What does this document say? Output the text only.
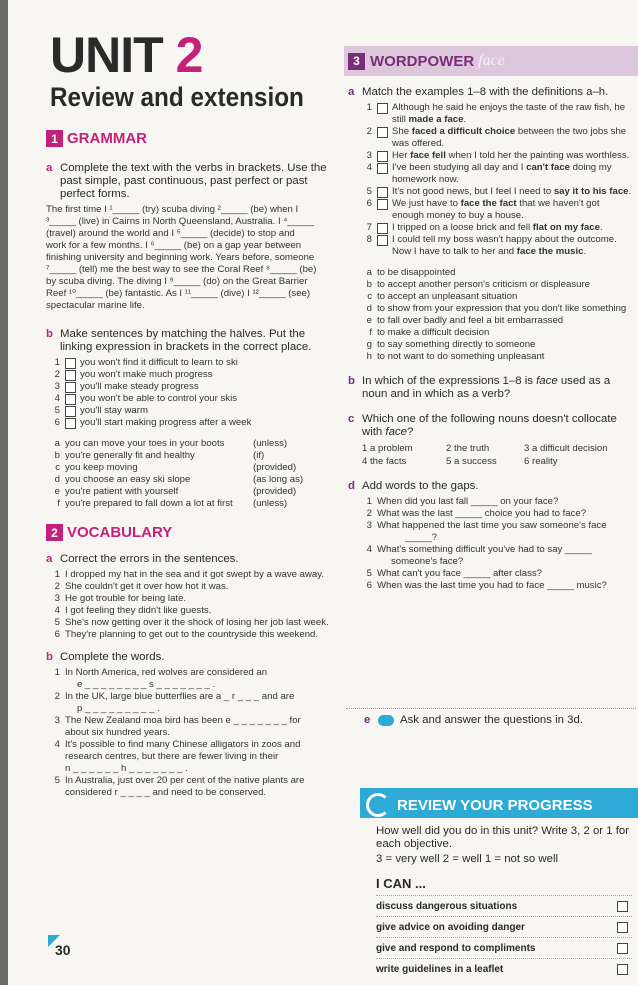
UNIT 2
Review and extension
1 GRAMMAR
a Complete the text with the verbs in brackets. Use the past simple, past continuous, past perfect or past perfect forms.
The first time I ¹_____ (try) scuba diving ²_____ (be) when I
³_____ (live) in Cairns in North Queensland, Australia. I ⁴_____
(travel) around the world and I ⁵_____ (decide) to stop and
work for a few months. I ⁶_____ (be) on a gap year between
finishing university and beginning work. Years before, someone
⁷_____ (tell) me the best way to see the Coral Reef ⁸_____ (be)
by scuba diving. The diving I ⁹_____ (do) on the Great Barrier
Reef ¹⁰_____ (be) fantastic. As I ¹¹_____ (dive) I ¹²_____ (see)
spectacular marine life.
b Make sentences by matching the halves. Put the linking expression in brackets in the correct place.
1	you won't find it difficult to learn to ski
2	you won't make much progress
3	you'll make steady progress
4	you won't be able to control your skis
5	you'll stay warm
6	you'll start making progress after a week
a you can move your toes in your boots	(unless)
b you're generally fit and healthy	(if)
c you keep moving	(provided)
d you choose an easy ski slope	(as long as)
e you're patient with yourself	(provided)
f you're prepared to fall down a lot at first	(unless)
2 VOCABULARY
a Correct the errors in the sentences.
1 I dropped my hat in the sea and it got swept by a wave away.
2 She couldn't get it over how hot it was.
3 He got trouble for being late.
4 I got feeling they didn't like guests.
5 She's now getting over it the shock of losing her job last week.
6 They're planning to get out to the countryside this weekend.
b Complete the words.
1 In North America, red wolves are considered an
e _ _ _ _ _ _ _ _ s _ _ _ _ _ _ _ .
2 In the UK, large blue butterflies are a _ r _ _ _ and are
p _ _ _ _ _ _ _ _ _ .
3 The New Zealand moa bird has been e _ _ _ _ _ _ _ for
about six hundred years.
4 It's possible to find many Chinese alligators in zoos and
research centres, but there are fewer living in their
n _ _ _ _ _ _ h _ _ _ _ _ _ _ .
5 In Australia, just over 20 per cent of the native plants are
considered r _ _ _ _ and need to be conserved.
3 WORDPOWER face
a Match the examples 1–8 with the definitions a–h.
1	Although he said he enjoys the taste of the raw fish, he still made a face.
2	She faced a difficult choice between the two jobs she was offered.
3	Her face fell when I told her the painting was worthless.
4	I've been studying all day and I can't face doing my homework now.
5	It's not good news, but I feel I need to say it to his face.
6	We just have to face the fact that we haven't got enough money to buy a house.
7	I tripped on a loose brick and fell flat on my face.
8	I could tell my boss wasn't happy about the outcome. Now I have to talk to her and face the music.
a to be disappointed
b to accept another person's criticism or displeasure
c to accept an unpleasant situation
d to show from your expression that you don't like something
e to fall over badly and feel a bit embarrassed
f to make a difficult decision
g to say something directly to someone
h to not want to do something unpleasant
b In which of the expressions 1–8 is face used as a noun and in which as a verb?
c Which one of the following nouns doesn't collocate with face?
1 a problem	2 the truth	3 a difficult decision
4 the facts	5 a success	6 reality
d Add words to the gaps.
1 When did you last fall _____ on your face?
2 What was the last _____ choice you had to face?
3 What happened the last time you saw someone's face
_____?
4 What's something difficult you've had to say _____
someone's face?
5 What can't you face _____ after class?
6 When was the last time you had to face _____ music?
e	Ask and answer the questions in 3d.
REVIEW YOUR PROGRESS
How well did you do in this unit? Write 3, 2 or 1 for each objective.
3 = very well 2 = well 1 = not so well
I CAN ...
discuss dangerous situations
give advice on avoiding danger
give and respond to compliments
write guidelines in a leaflet
30
